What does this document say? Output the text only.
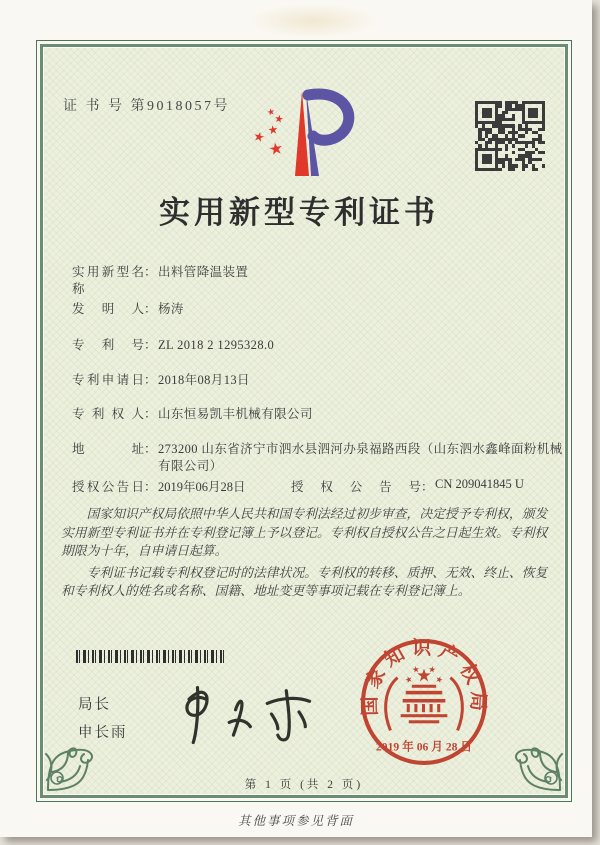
证 书 号 第9018057号
实用新型专利证书
实用新型名称
： 出料管降温装置
发明人 ： 杨涛
专利号 ： ZL 2018 2 1295328.0
专利申请日 ： 2018年08月13日
专利权人 ： 山东恒易凯丰机械有限公司
地址 ： 273200 山东省济宁市泗水县泗河办泉福路西段（山东泗水鑫峰面粉机械有限公司）
授权公告日 ： 2019年06月28日	授权公告号 ： CN 209041845 U

国家知识产权局依照中华人民共和国专利法经过初步审查，决定授予专利权，颁发实用新型专利证书并在专利登记簿上予以登记。专利权自授权公告之日起生效。专利权期限为十年，自申请日起算。

专利证书记载专利权登记时的法律状况。专利权的转移、质押、无效、终止、恢复和专利权人的姓名或名称、国籍、地址变更等事项记载在专利登记簿上。

局长
申长雨
国家知识产权局
2019 年 06 月 28 日
第 1 页 (共 2 页)
其他事项参见背面
